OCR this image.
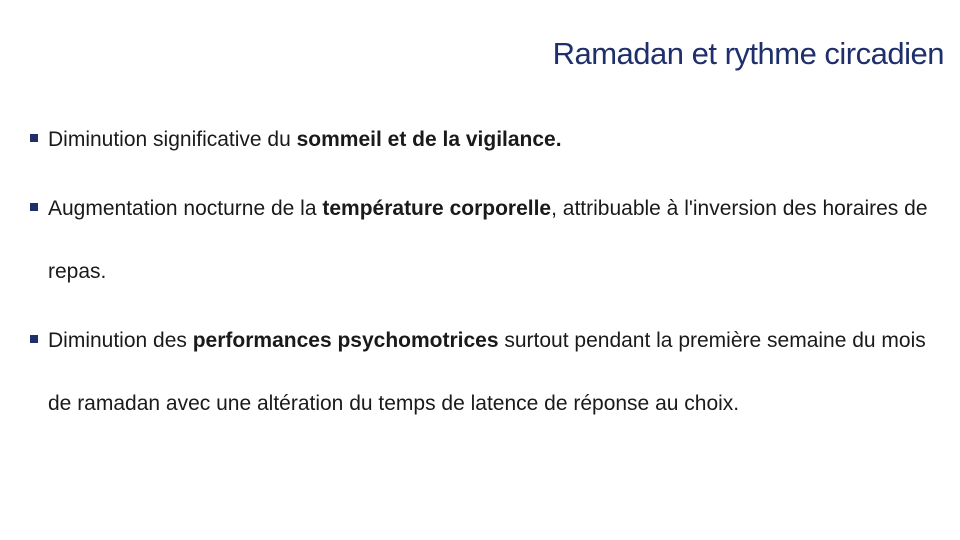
Ramadan et rythme circadien
Diminution significative du sommeil et de la vigilance.
Augmentation nocturne de la température corporelle, attribuable à l'inversion des horaires de repas.
Diminution des performances psychomotrices surtout pendant la première semaine du mois de ramadan avec une altération du temps de latence de réponse au choix.
